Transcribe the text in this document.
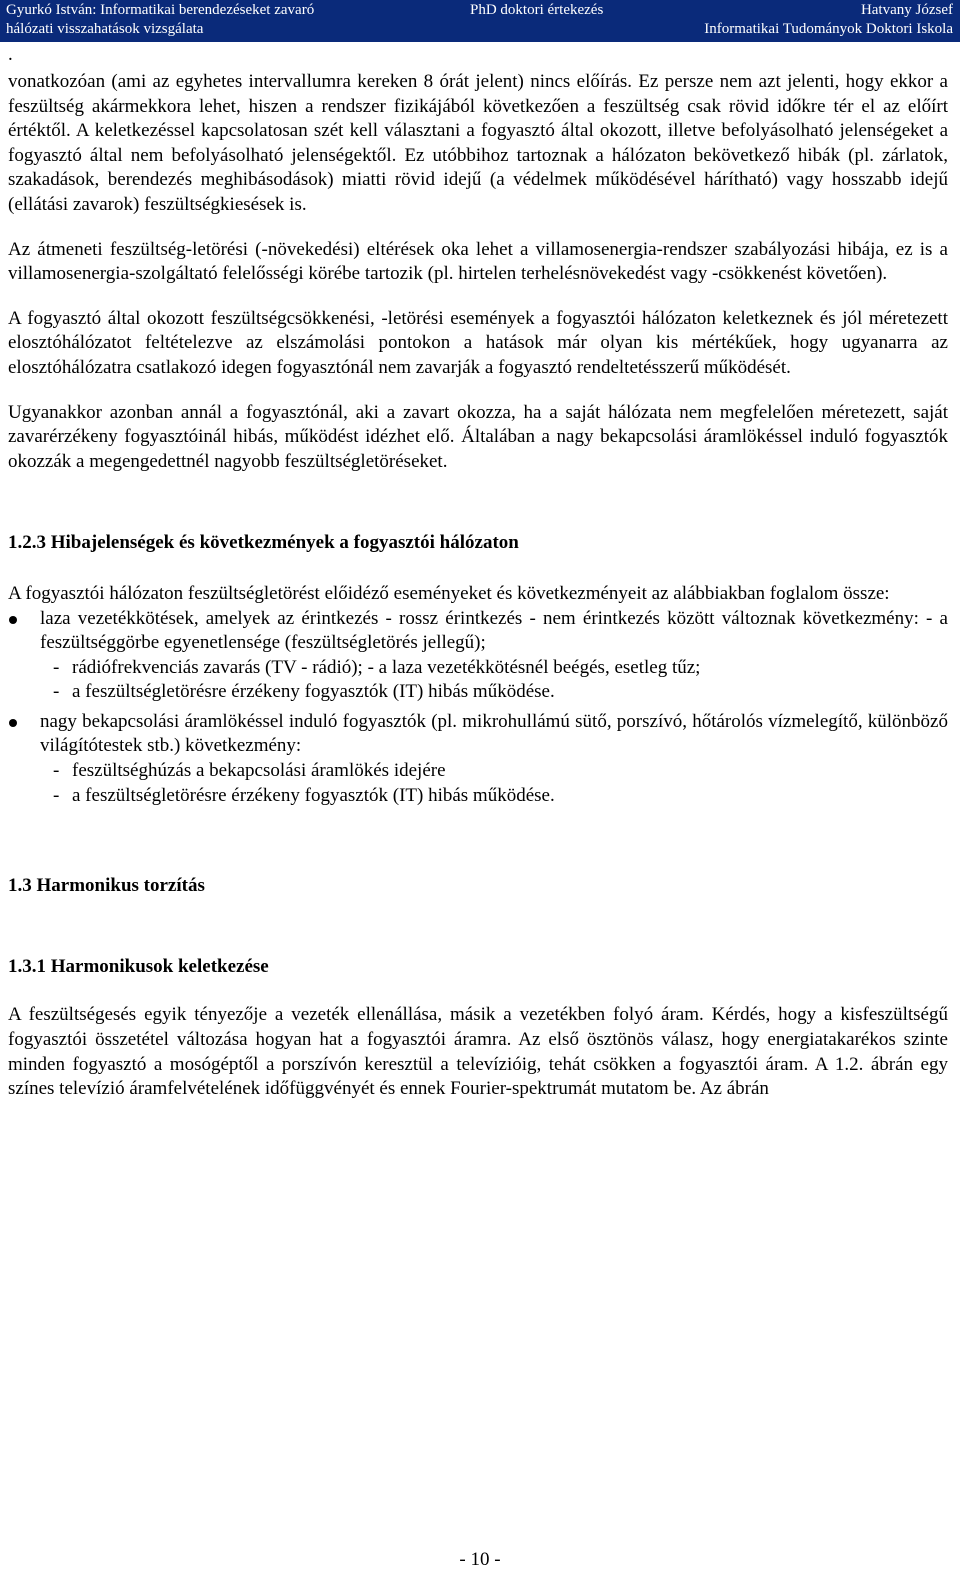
Gyurkó István: Informatikai berendezéseket zavaró
hálózati visszahatások vizsgálata
PhD doktori értekezés	Hatvany József
Informatikai Tudományok Doktori Iskola
.

vonatkozóan (ami az egyhetes intervallumra kereken 8 órát jelent) nincs előírás. Ez persze nem azt jelenti, hogy ekkor a feszültség akármekkora lehet, hiszen a rendszer fizikájából következően a feszültség csak rövid időkre tér el az előírt értéktől. A keletkezéssel kapcsolatosan szét kell választani a fogyasztó által okozott, illetve befolyásolható jelenségeket a fogyasztó által nem befolyásolható jelenségektől. Ez utóbbihoz tartoznak a hálózaton bekövetkező hibák (pl. zárlatok, szakadások, berendezés meghibásodások) miatti rövid idejű (a védelmek működésével hárítható) vagy hosszabb idejű (ellátási zavarok) feszültségkiesések is.

Az átmeneti feszültség-letörési (-növekedési) eltérések oka lehet a villamosenergia-rendszer szabályozási hibája, ez is a villamosenergia-szolgáltató felelősségi körébe tartozik (pl. hirtelen terhelésnövekedést vagy -csökkenést követően).

A fogyasztó által okozott feszültségcsökkenési, -letörési események a fogyasztói hálózaton keletkeznek és jól méretezett elosztóhálózatot feltételezve az elszámolási pontokon a hatások már olyan kis mértékűek, hogy ugyanarra az elosztóhálózatra csatlakozó idegen fogyasztónál nem zavarják a fogyasztó rendeltetésszerű működését.

Ugyanakkor azonban annál a fogyasztónál, aki a zavart okozza, ha a saját hálózata nem megfelelően méretezett, saját zavarérzékeny fogyasztóinál hibás, működést idézhet elő. Általában a nagy bekapcsolási áramlökéssel induló fogyasztók okozzák a megengedettnél nagyobb feszültségletöréseket.

1.2.3 Hibajelenségek és következmények a fogyasztói hálózaton

A fogyasztói hálózaton feszültségletörést előidéző eseményeket és következményeit az alábbiakban foglalom össze:

laza vezetékkötések, amelyek az érintkezés - rossz érintkezés - nem érintkezés között változnak következmény: - a feszültséggörbe egyenetlensége (feszültségletörés jellegű);
- rádiófrekvenciás zavarás (TV - rádió); - a laza vezetékkötésnél beégés, esetleg tűz;
- a feszültségletörésre érzékeny fogyasztók (IT) hibás működése.
nagy bekapcsolási áramlökéssel induló fogyasztók (pl. mikrohullámú sütő, porszívó, hőtárolós vízmelegítő, különböző világítótestek stb.) következmény:
- feszültséghúzás a bekapcsolási áramlökés idejére
- a feszültségletörésre érzékeny fogyasztók (IT) hibás működése.
1.3 Harmonikus torzítás
1.3.1 Harmonikusok keletkezése

A feszültségesés egyik tényezője a vezeték ellenállása, másik a vezetékben folyó áram. Kérdés, hogy a kisfeszültségű fogyasztói összetétel változása hogyan hat a fogyasztói áramra. Az első ösztönös válasz, hogy energiatakarékos szinte minden fogyasztó a mosógéptől a porszívón keresztül a televízióig, tehát csökken a fogyasztói áram. A 1.2. ábrán egy színes televízió áramfelvételének időfüggvényét és ennek Fourier-spektrumát mutatom be. Az ábrán

- 10 -
